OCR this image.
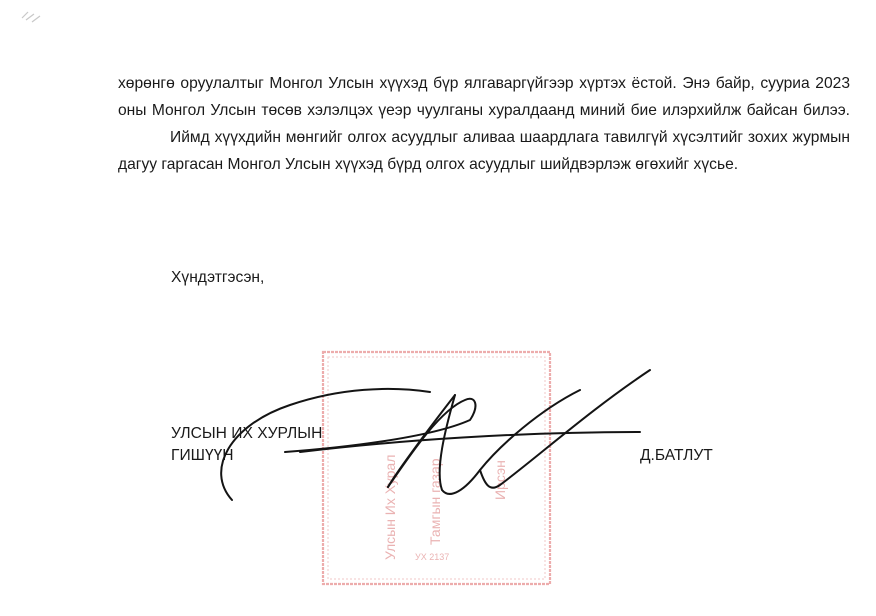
хөрөнгө оруулалтыг Монгол Улсын хүүхэд бүр ялгаваргүйгээр хүртэх ёстой. Энэ байр, сууриа 2023 оны Монгол Улсын төсөв хэлэлцэх үеэр чуулганы хуралдаанд миний бие илэрхийлж байсан билээ.
Иймд хүүхдийн мөнгийг олгох асуудлыг аливаа шаардлага тавилгүй хүсэлтийг зохих журмын дагуу гаргасан Монгол Улсын хүүхэд бүрд олгох асуудлыг шийдвэрлэж өгөхийг хүсье.

Хүндэтгэсэн,

Улсын Их Хурал Тамгын газар	Ирсэн
УХ 2137
УЛСЫН ИХ ХУРЛЫН
ГИШҮҮН	Д.БАТЛУТ
